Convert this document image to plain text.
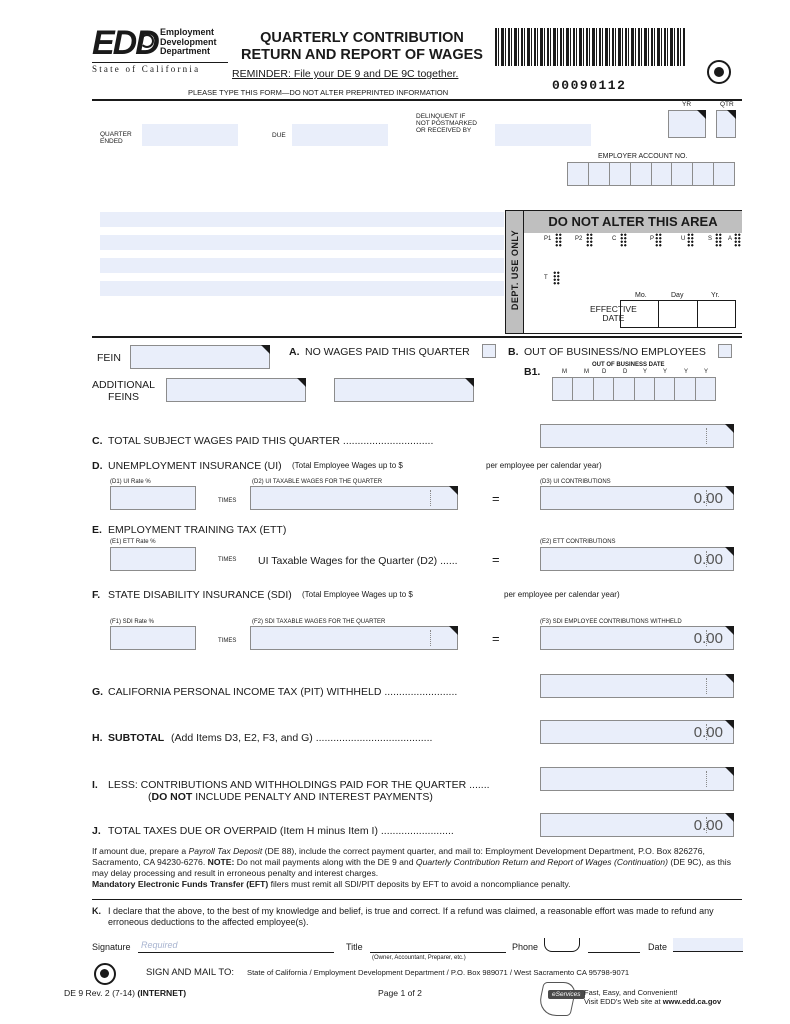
EDD Employment
Development
Department
State of California
QUARTERLY CONTRIBUTION
RETURN AND REPORT OF WAGES
REMINDER: File your DE 9 and DE 9C together.
00090112
PLEASE TYPE THIS FORM—DO NOT ALTER PREPRINTED INFORMATION
QUARTER
ENDED
DUE
DELINQUENT IF
NOT POSTMARKED
OR RECEIVED BY
YR	QTR
EMPLOYER ACCOUNT NO.
DEPT. USE ONLY
DO NOT ALTER THIS AREA
P1	P2	C	P	U	S	A
T
Mo.	Day	Yr.
EFFECTIVE
DATE
FEIN	A. NO WAGES PAID THIS QUARTER	B. OUT OF BUSINESS/NO EMPLOYEES
B1.
OUT OF BUSINESS DATE
M	M D	D	Y	Y	Y	Y
ADDITIONAL
FEINS
C. TOTAL SUBJECT WAGES PAID THIS QUARTER ...............................
D. UNEMPLOYMENT INSURANCE (UI) (Total Employee Wages up to $	per employee per calendar year)
(D1) UI Rate %	(D2) UI TAXABLE WAGES FOR THE QUARTER	(D3) UI CONTRIBUTIONS
TIMES	=	0.00
E. EMPLOYMENT TRAINING TAX (ETT)
(E1) ETT Rate %	(E2) ETT CONTRIBUTIONS
TIMES UI Taxable Wages for the Quarter (D2) ......	=	0.00
F. STATE DISABILITY INSURANCE (SDI) (Total Employee Wages up to $	per employee per calendar year)
(F1) SDI Rate %	(F2) SDI TAXABLE WAGES FOR THE QUARTER	(F3) SDI EMPLOYEE CONTRIBUTIONS WITHHELD
TIMES	=	0.00
G. CALIFORNIA PERSONAL INCOME TAX (PIT) WITHHELD .........................
H. SUBTOTAL (Add Items D3, E2, F3, and G) ........................................	0.00
I. LESS: CONTRIBUTIONS AND WITHHOLDINGS PAID FOR THE QUARTER .......
(DO NOT INCLUDE PENALTY AND INTEREST PAYMENTS)
J. TOTAL TAXES DUE OR OVERPAID (Item H minus Item I) .........................	0.00
If amount due, prepare a Payroll Tax Deposit (DE 88), include the correct payment quarter, and mail to: Employment Development Department, P.O. Box 826276, Sacramento, CA 94230-6276. NOTE: Do not mail payments along with the DE 9 and Quarterly Contribution Return and Report of Wages (Continuation) (DE 9C), as this may delay processing and result in erroneous penalty and interest charges.
Mandatory Electronic Funds Transfer (EFT) filers must remit all SDI/PIT deposits by EFT to avoid a noncompliance penalty.
K. I declare that the above, to the best of my knowledge and belief, is true and correct. If a refund was claimed, a reasonable effort was made to refund any erroneous deductions to the affected employee(s).
Signature Required	Title
(Owner, Accountant, Preparer, etc.)
Phone	Date
SIGN AND MAIL TO: State of California / Employment Development Department / P.O. Box 989071 / West Sacramento CA 95798-9071
DE 9 Rev. 2 (7-14) (INTERNET)	Page 1 of 2	eServices Fast, Easy, and Convenient!
Visit EDD's Web site at www.edd.ca.gov
